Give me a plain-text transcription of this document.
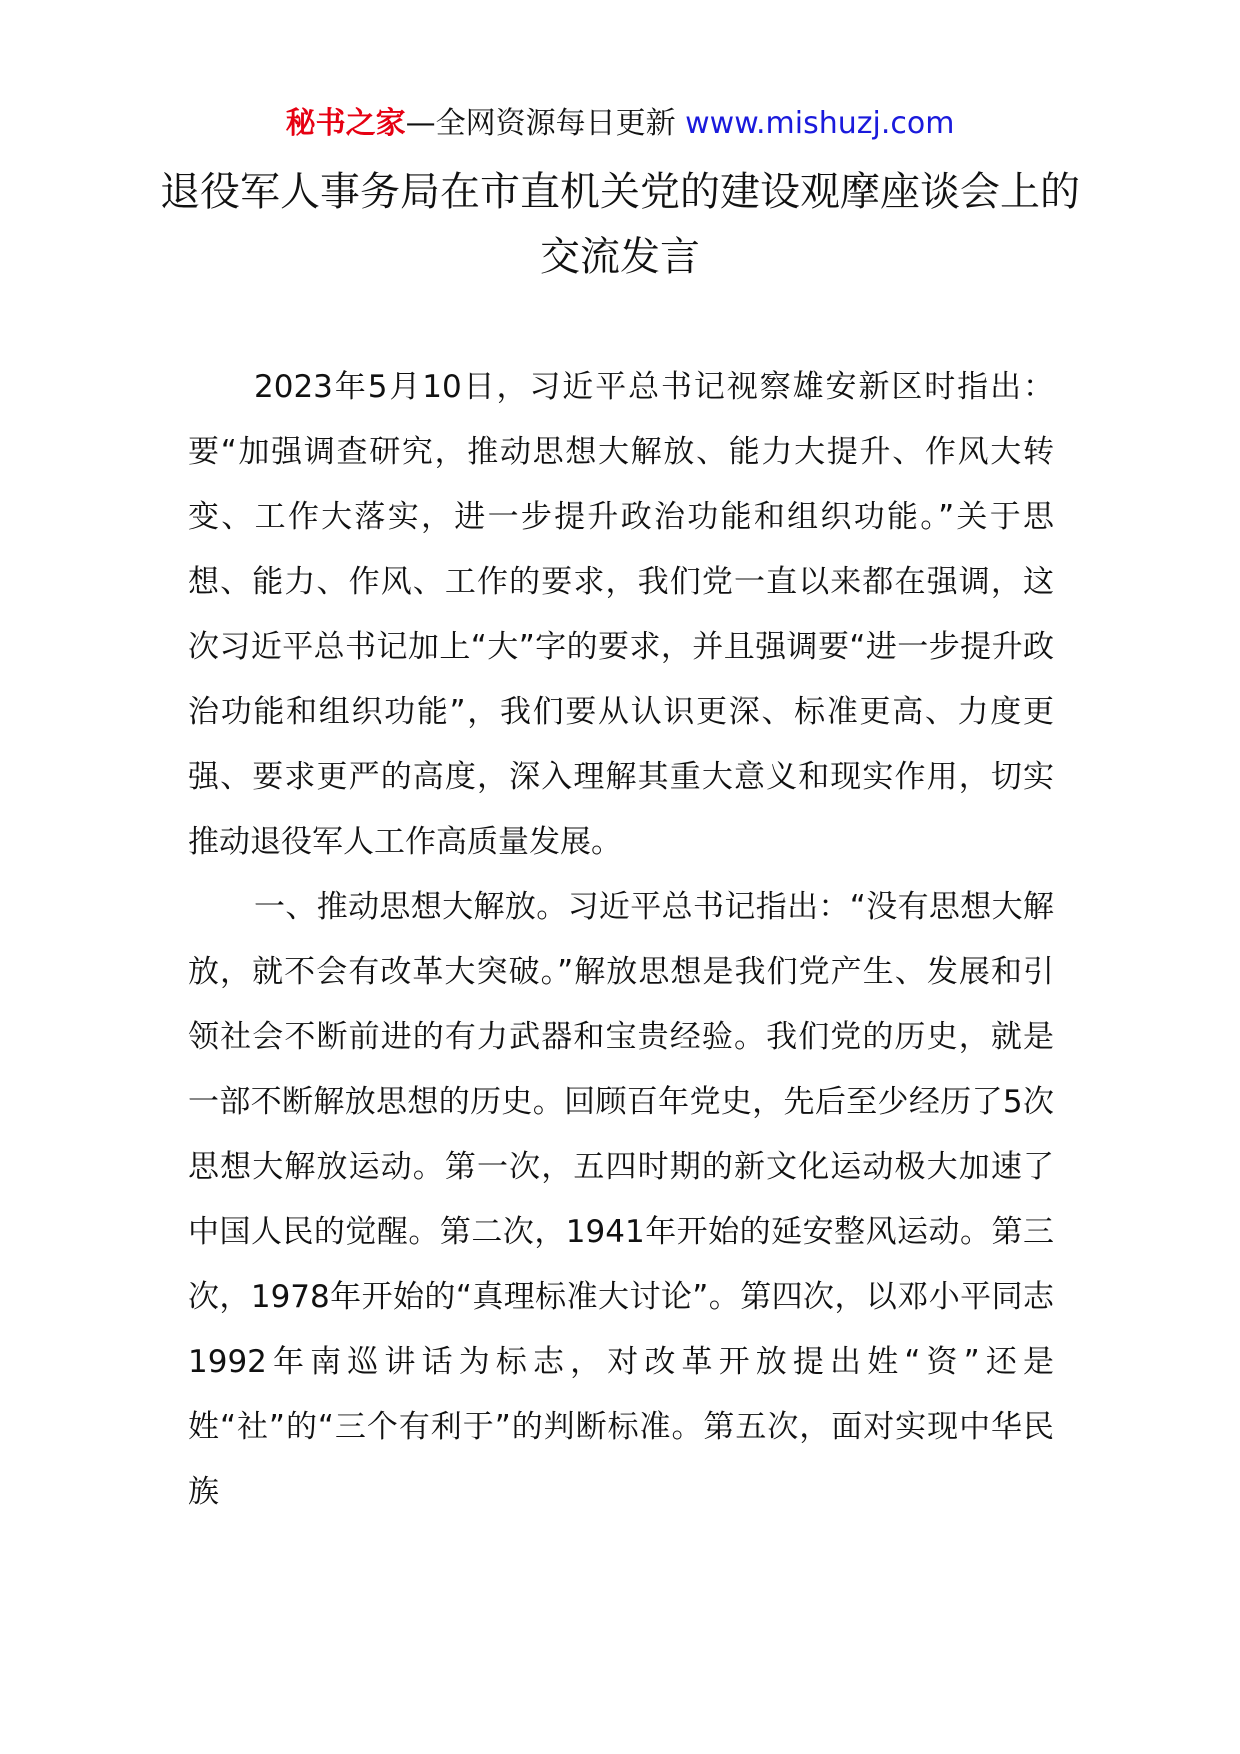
秘书之家—全网资源每日更新 www.mishuzj.com
退役军人事务局在市直机关党的建设观摩座谈会上的交流发言

2023年5月10日，习近平总书记视察雄安新区时指出：要“加强调查研究，推动思想大解放、能力大提升、作风大转变、工作大落实，进一步提升政治功能和组织功能。”关于思想、能力、作风、工作的要求，我们党一直以来都在强调，这次习近平总书记加上“大”字的要求，并且强调要“进一步提升政治功能和组织功能”，我们要从认识更深、标准更高、力度更强、要求更严的高度，深入理解其重大意义和现实作用，切实推动退役军人工作高质量发展。

一、推动思想大解放。习近平总书记指出：“没有思想大解放，就不会有改革大突破。”解放思想是我们党产生、发展和引领社会不断前进的有力武器和宝贵经验。我们党的历史，就是一部不断解放思想的历史。回顾百年党史，先后至少经历了5次思想大解放运动。第一次，五四时期的新文化运动极大加速了中国人民的觉醒。第二次，1941年开始的延安整风运动。第三次，1978年开始的“真理标准大讨论”。第四次，以邓小平同志1992年南巡讲话为标志，对改革开放提出姓“资”还是姓“社”的“三个有利于”的判断标准。第五次，面对实现中华民族
